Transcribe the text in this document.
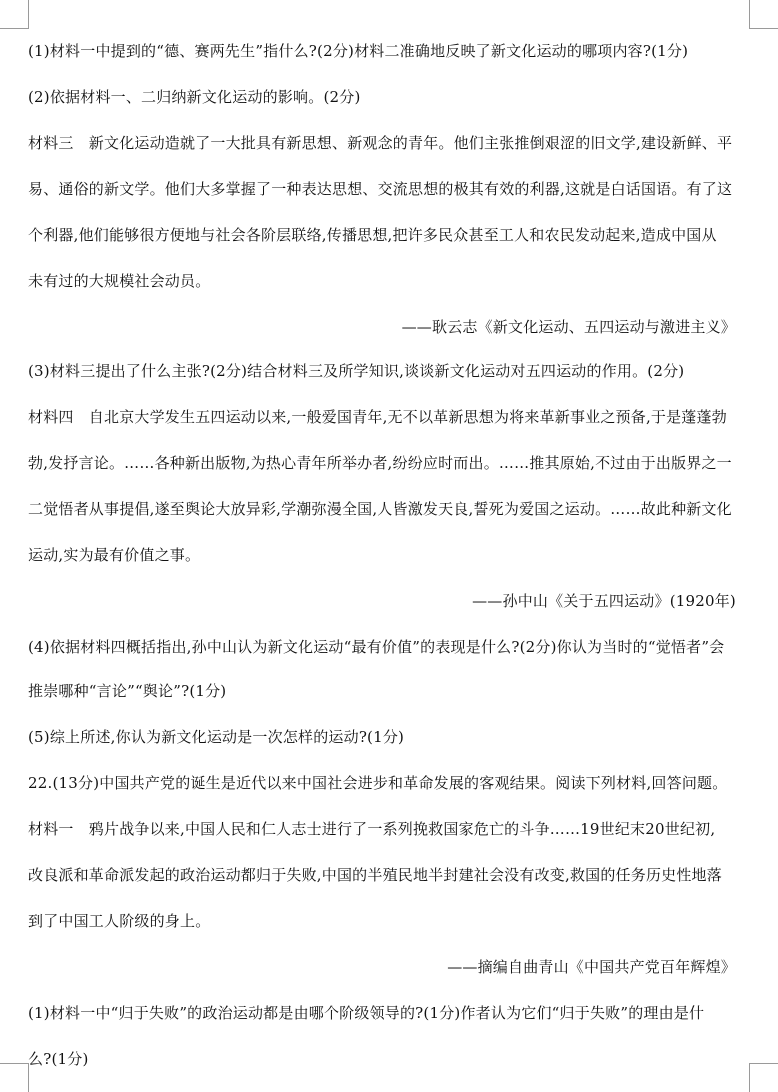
(1)材料一中提到的“德、赛两先生”指什么?(2分)材料二准确地反映了新文化运动的哪项内容?(1分)
(2)依据材料一、二归纳新文化运动的影响。(2分)
材料三　新文化运动造就了一大批具有新思想、新观念的青年。他们主张推倒艰涩的旧文学,建设新鲜、平
易、通俗的新文学。他们大多掌握了一种表达思想、交流思想的极其有效的利器,这就是白话国语。有了这
个利器,他们能够很方便地与社会各阶层联络,传播思想,把许多民众甚至工人和农民发动起来,造成中国从
未有过的大规模社会动员。
——耿云志《新文化运动、五四运动与激进主义》
(3)材料三提出了什么主张?(2分)结合材料三及所学知识,谈谈新文化运动对五四运动的作用。(2分)
材料四　自北京大学发生五四运动以来,一般爱国青年,无不以革新思想为将来革新事业之预备,于是蓬蓬勃
勃,发抒言论。……各种新出版物,为热心青年所举办者,纷纷应时而出。……推其原始,不过由于出版界之一
二觉悟者从事提倡,遂至舆论大放异彩,学潮弥漫全国,人皆激发天良,誓死为爱国之运动。……故此种新文化
运动,实为最有价值之事。
——孙中山《关于五四运动》(1920年)
(4)依据材料四概括指出,孙中山认为新文化运动“最有价值”的表现是什么?(2分)你认为当时的“觉悟者”会
推崇哪种“言论”“舆论”?(1分)
(5)综上所述,你认为新文化运动是一次怎样的运动?(1分)
22.(13分)中国共产党的诞生是近代以来中国社会进步和革命发展的客观结果。阅读下列材料,回答问题。
材料一　鸦片战争以来,中国人民和仁人志士进行了一系列挽救国家危亡的斗争……19世纪末20世纪初,
改良派和革命派发起的政治运动都归于失败,中国的半殖民地半封建社会没有改变,救国的任务历史性地落
到了中国工人阶级的身上。
——摘编自曲青山《中国共产党百年辉煌》
(1)材料一中“归于失败”的政治运动都是由哪个阶级领导的?(1分)作者认为它们“归于失败”的理由是什
么?(1分)
